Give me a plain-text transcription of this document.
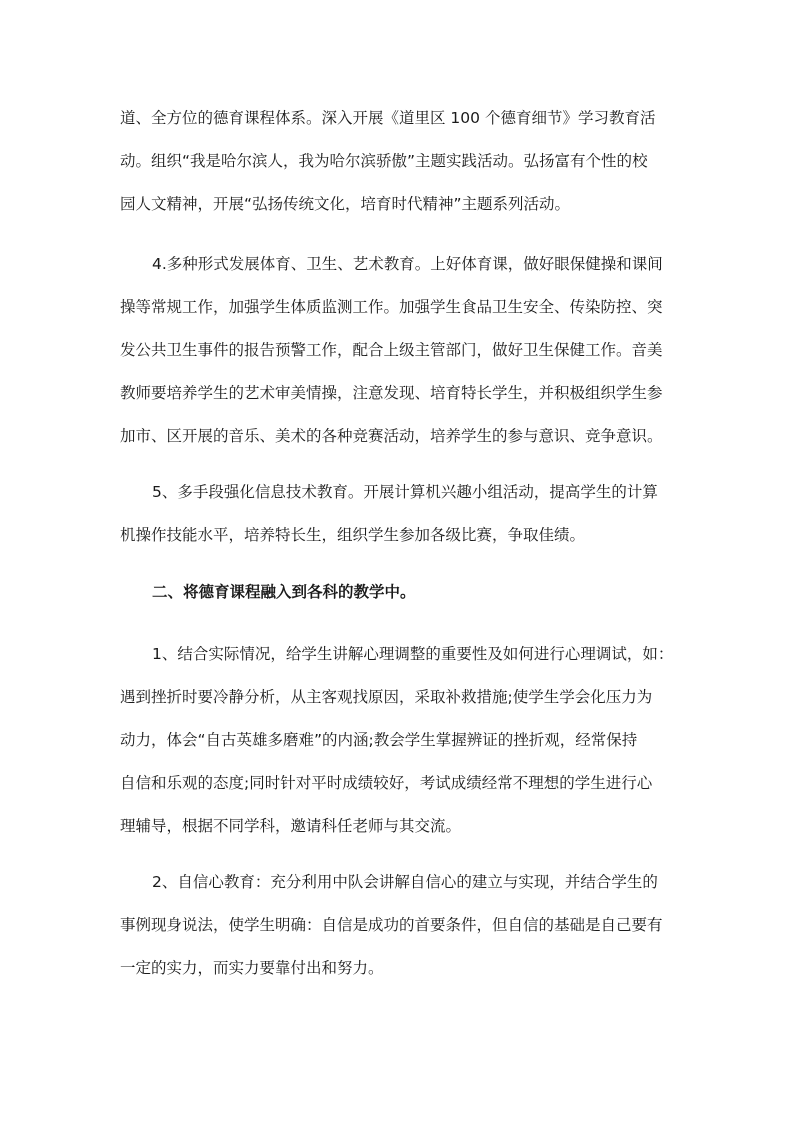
道、全方位的德育课程体系。深入开展《道里区 100 个德育细节》学习教育活
动。组织“我是哈尔滨人，我为哈尔滨骄傲”主题实践活动。弘扬富有个性的校
园人文精神，开展“弘扬传统文化，培育时代精神”主题系列活动。

4.多种形式发展体育、卫生、艺术教育。上好体育课，做好眼保健操和课间
操等常规工作，加强学生体质监测工作。加强学生食品卫生安全、传染防控、突
发公共卫生事件的报告预警工作，配合上级主管部门，做好卫生保健工作。音美
教师要培养学生的艺术审美情操，注意发现、培育特长学生，并积极组织学生参
加市、区开展的音乐、美术的各种竞赛活动，培养学生的参与意识、竞争意识。

5、多手段强化信息技术教育。开展计算机兴趣小组活动，提高学生的计算
机操作技能水平，培养特长生，组织学生参加各级比赛，争取佳绩。

二、将德育课程融入到各科的教学中。

1、结合实际情况，给学生讲解心理调整的重要性及如何进行心理调试，如：
遇到挫折时要冷静分析，从主客观找原因，采取补救措施;使学生学会化压力为
动力，体会“自古英雄多磨难”的内涵;教会学生掌握辨证的挫折观，经常保持
自信和乐观的态度;同时针对平时成绩较好，考试成绩经常不理想的学生进行心
理辅导，根据不同学科，邀请科任老师与其交流。

2、自信心教育：充分利用中队会讲解自信心的建立与实现，并结合学生的
事例现身说法，使学生明确：自信是成功的首要条件，但自信的基础是自己要有
一定的实力，而实力要靠付出和努力。
